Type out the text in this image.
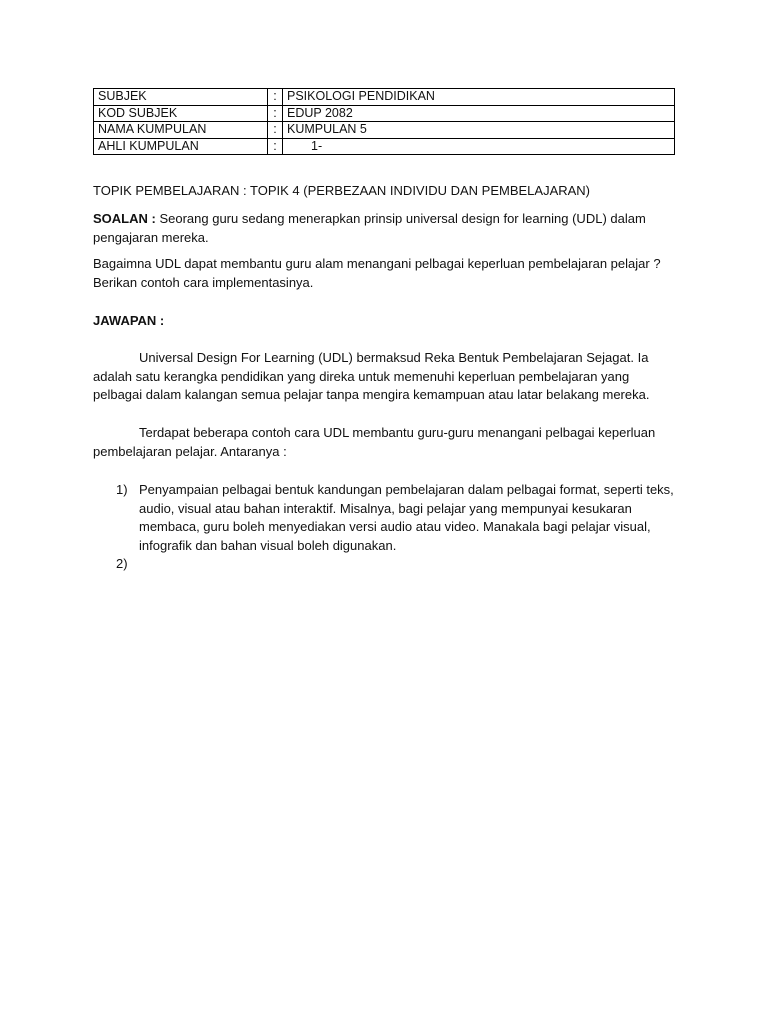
SUBJEK	:	PSIKOLOGI PENDIDIKAN
KOD SUBJEK	:	EDUP 2082
NAMA KUMPULAN	:	KUMPULAN 5
AHLI KUMPULAN	:	1-
TOPIK PEMBELAJARAN : TOPIK 4 (PERBEZAAN INDIVIDU DAN PEMBELAJARAN)
SOALAN : Seorang guru sedang menerapkan prinsip universal design for learning (UDL) dalam pengajaran mereka.
Bagaimna UDL dapat membantu guru alam menangani pelbagai keperluan pembelajaran pelajar ? Berikan contoh cara implementasinya.
JAWAPAN :
Universal Design For Learning (UDL) bermaksud Reka Bentuk Pembelajaran Sejagat. Ia adalah satu kerangka pendidikan yang direka untuk memenuhi keperluan pembelajaran yang pelbagai dalam kalangan semua pelajar tanpa mengira kemampuan atau latar belakang mereka.
Terdapat beberapa contoh cara UDL membantu guru-guru menangani pelbagai keperluan pembelajaran pelajar. Antaranya :
1) Penyampaian pelbagai bentuk kandungan pembelajaran dalam pelbagai format, seperti teks, audio, visual atau bahan interaktif. Misalnya, bagi pelajar yang mempunyai kesukaran membaca, guru boleh menyediakan versi audio atau video. Manakala bagi pelajar visual, infografik dan bahan visual boleh digunakan.
2)
